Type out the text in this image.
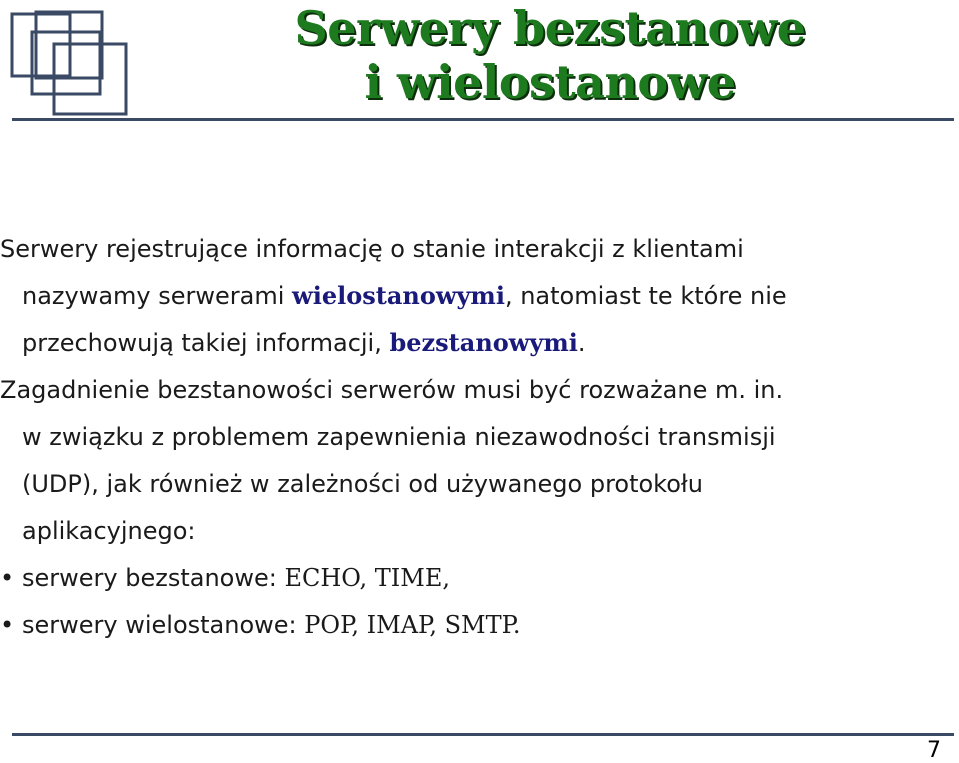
Serwery bezstanowe
i wielostanowe
Serwery rejestrujące informację o stanie interakcji z klientami
nazywamy serwerami wielostanowymi, natomiast te które nie
przechowują takiej informacji, bezstanowymi.
Zagadnienie bezstanowości serwerów musi być rozważane m. in.
w związku z problemem zapewnienia niezawodności transmisji
(UDP), jak również w zależności od używanego protokołu
aplikacyjnego:
• serwery bezstanowe: ECHO, TIME,
• serwery wielostanowe: POP, IMAP, SMTP.
7
